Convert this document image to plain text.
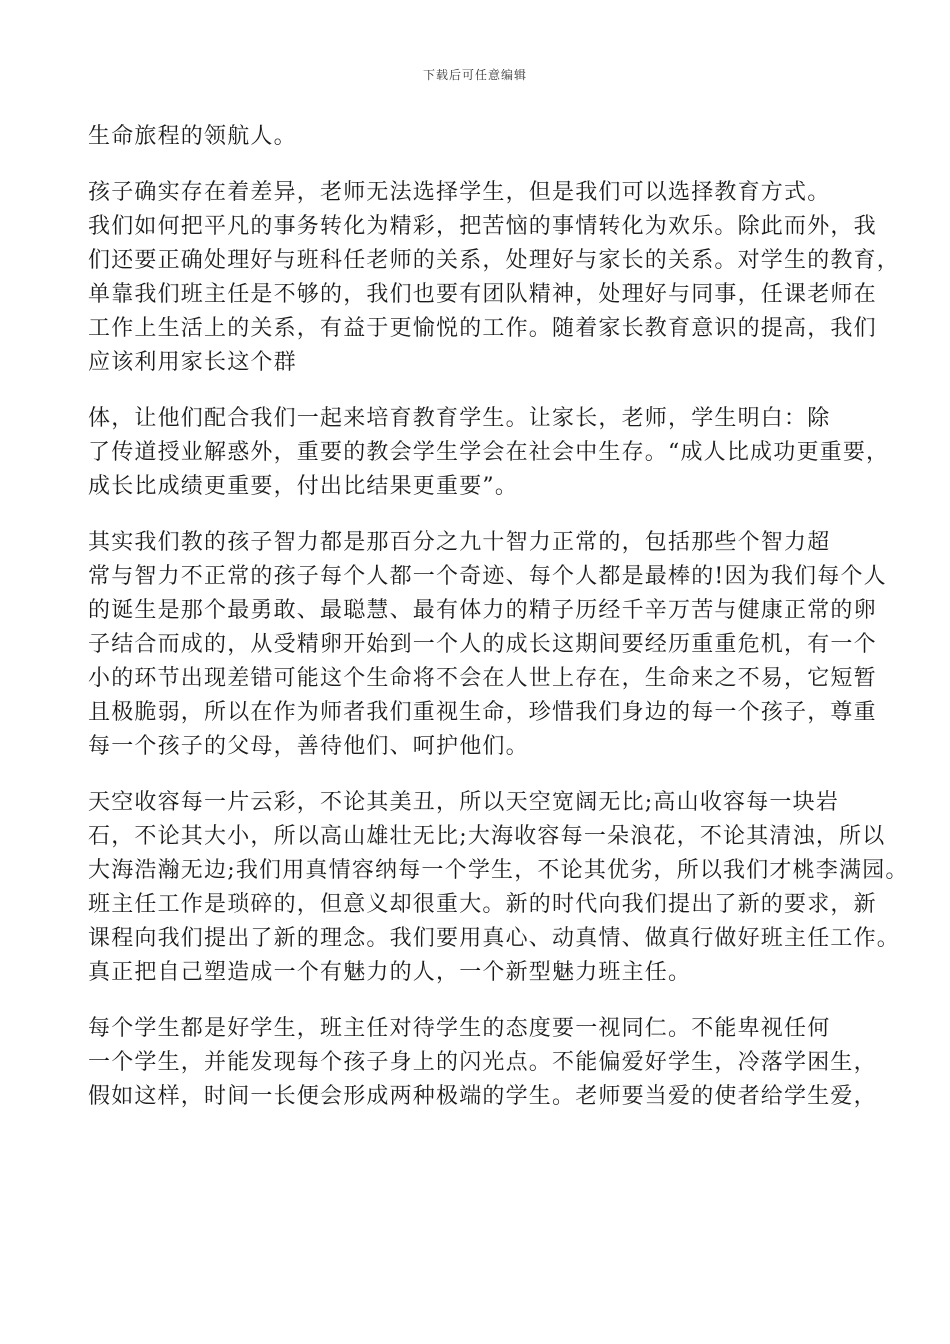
下载后可任意编辑
生命旅程的领航人。
孩子确实存在着差异，老师无法选择学生，但是我们可以选择教育方式。
我们如何把平凡的事务转化为精彩，把苦恼的事情转化为欢乐。除此而外，我
们还要正确处理好与班科任老师的关系，处理好与家长的关系。对学生的教育，
单靠我们班主任是不够的，我们也要有团队精神，处理好与同事，任课老师在
工作上生活上的关系，有益于更愉悦的工作。随着家长教育意识的提高，我们
应该利用家长这个群
体，让他们配合我们一起来培育教育学生。让家长，老师，学生明白：除
了传道授业解惑外，重要的教会学生学会在社会中生存。“成人比成功更重要，
成长比成绩更重要，付出比结果更重要”。
其实我们教的孩子智力都是那百分之九十智力正常的，包括那些个智力超
常与智力不正常的孩子每个人都一个奇迹、每个人都是最棒的!因为我们每个人
的诞生是那个最勇敢、最聪慧、最有体力的精子历经千辛万苦与健康正常的卵
子结合而成的，从受精卵开始到一个人的成长这期间要经历重重危机，有一个
小的环节出现差错可能这个生命将不会在人世上存在，生命来之不易，它短暂
且极脆弱，所以在作为师者我们重视生命，珍惜我们身边的每一个孩子，尊重
每一个孩子的父母，善待他们、呵护他们。
天空收容每一片云彩，不论其美丑，所以天空宽阔无比;高山收容每一块岩
石，不论其大小，所以高山雄壮无比;大海收容每一朵浪花，不论其清浊，所以
大海浩瀚无边;我们用真情容纳每一个学生，不论其优劣，所以我们才桃李满园。
班主任工作是琐碎的，但意义却很重大。新的时代向我们提出了新的要求，新
课程向我们提出了新的理念。我们要用真心、动真情、做真行做好班主任工作。
真正把自己塑造成一个有魅力的人，一个新型魅力班主任。
每个学生都是好学生，班主任对待学生的态度要一视同仁。不能卑视任何
一个学生，并能发现每个孩子身上的闪光点。不能偏爱好学生，冷落学困生，
假如这样，时间一长便会形成两种极端的学生。老师要当爱的使者给学生爱，
